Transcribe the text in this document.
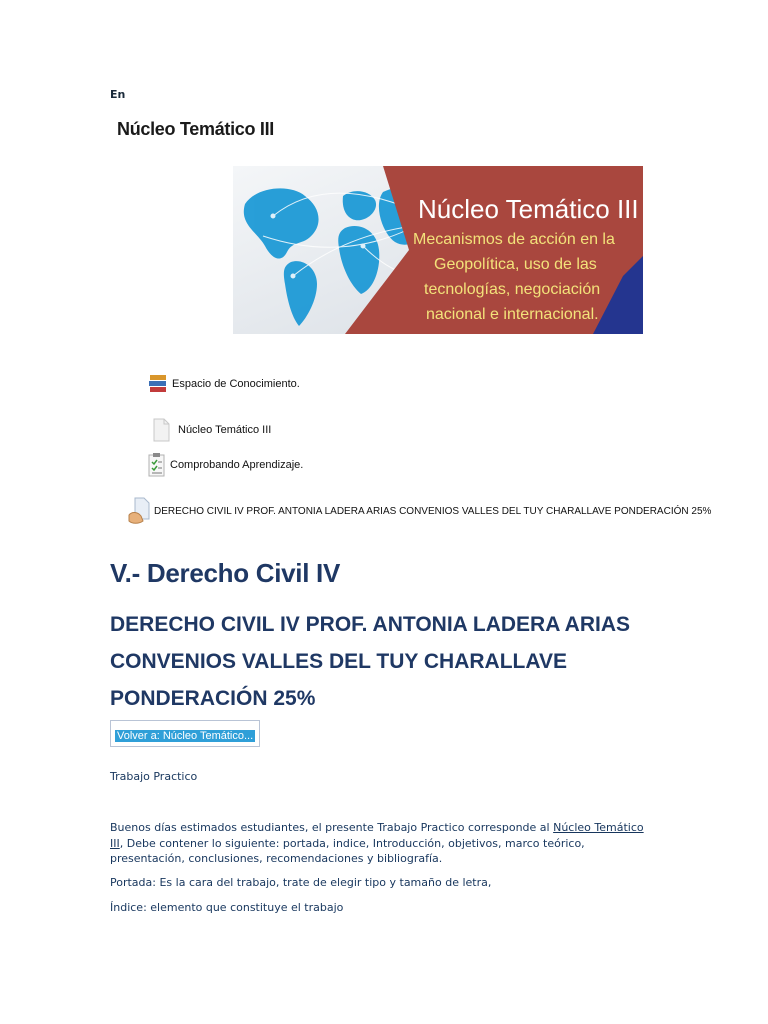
En
Núcleo Temático III
Núcleo Temático III
Mecanismos de acción en la
Geopolítica, uso de las
tecnologías, negociación
nacional e internacional.
Espacio de Conocimiento.
Núcleo Temático III
Comprobando Aprendizaje.
DERECHO CIVIL IV PROF. ANTONIA LADERA ARIAS CONVENIOS VALLES DEL TUY CHARALLAVE PONDERACIÓN 25%
V.- Derecho Civil IV
DERECHO CIVIL IV PROF. ANTONIA LADERA ARIAS CONVENIOS VALLES DEL TUY CHARALLAVE PONDERACIÓN 25%
Volver a: Núcleo Temático...
Trabajo Practico
Buenos días estimados estudiantes, el presente Trabajo Practico corresponde al Núcleo Temático III, Debe contener lo siguiente: portada, indice, Introducción, objetivos, marco teórico, presentación, conclusiones, recomendaciones y bibliografía.
Portada: Es la cara del trabajo, trate de elegir tipo y tamaño de letra,
Índice: elemento que constituye el trabajo
